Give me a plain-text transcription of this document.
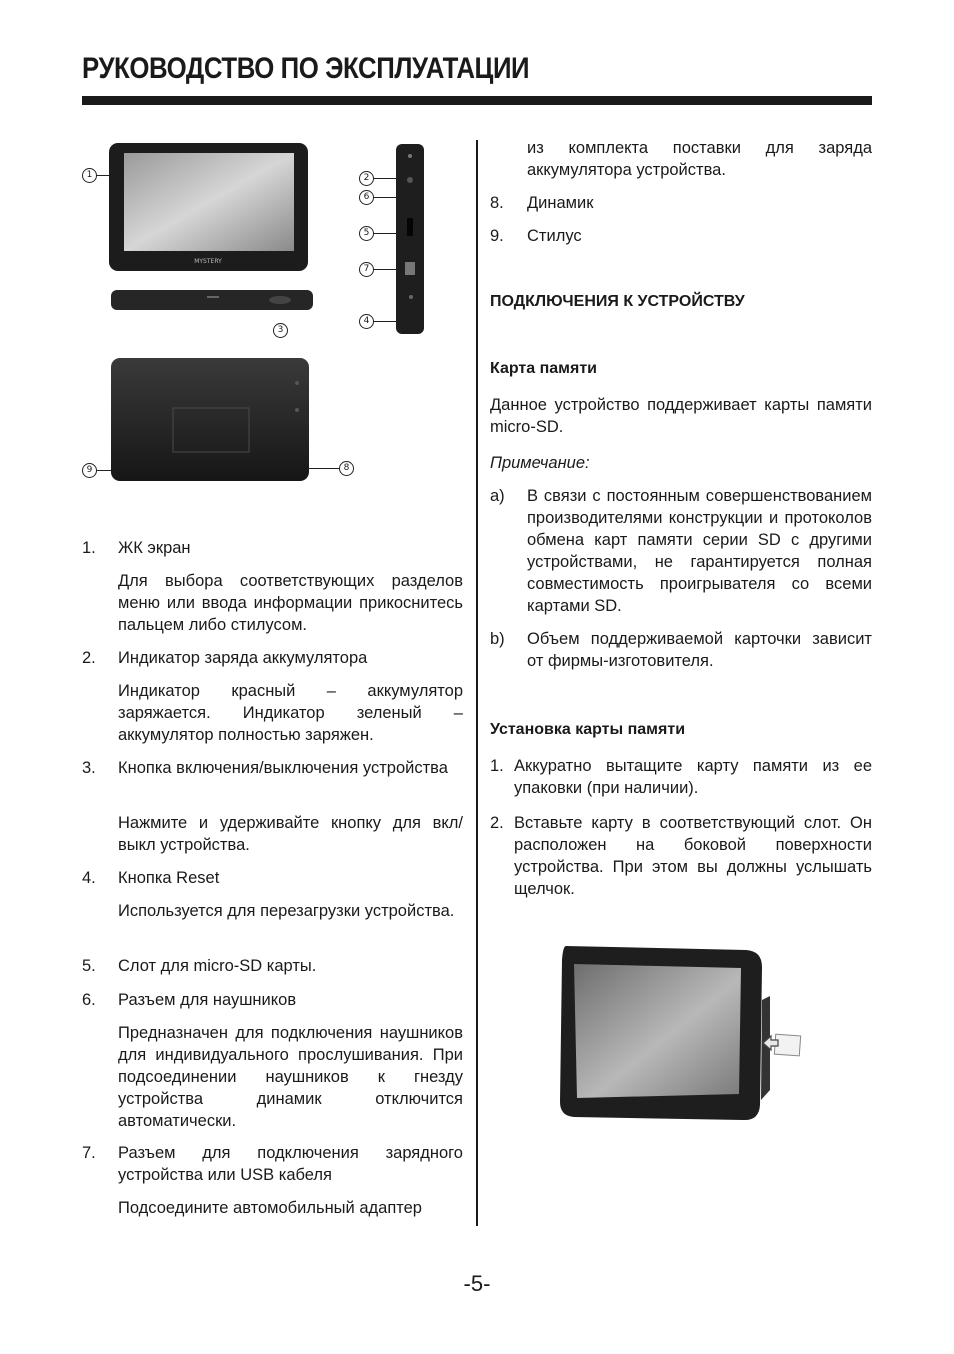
РУКОВОДСТВО ПО ЭКСПЛУАТАЦИИ
MYSTERY
1	2
3
4
5
6
7
8
9
1. ЖК экран
Для выбора соответствующих разделов меню или ввода информации прикоснитесь пальцем либо стилусом.
2. Индикатор заряда аккумулятора
Индикатор красный – аккумулятор заряжается. Индикатор зеленый – аккумулятор полностью заряжен.
3. Кнопка включения/выключения устройства
Нажмите и удерживайте кнопку для вкл/выкл устройства.
4. Кнопка Reset
Используется для перезагрузки устройства.
5. Слот для micro-SD карты.
6. Разъем для наушников
Предназначен для подключения наушников для индивидуального прослушивания. При подсоединении наушников к гнезду устройства динамик отключится автоматически.
7. Разъем для подключения зарядного устройства или USB кабеля
Подсоедините автомобильный адаптер
из комплекта поставки для заряда аккумулятора устройства.
8. Динамик
9. Стилус
ПОДКЛЮЧЕНИЯ К УСТРОЙСТВУ
Карта памяти
Данное устройство поддерживает карты памяти micro-SD.
Примечание:
a) В связи с постоянным совершенствованием производителями конструкции и протоколов обмена карт памяти серии SD с другими устройствами, не гарантируется полная совместимость проигрывателя со всеми картами SD.
b) Объем поддерживаемой карточки зависит от фирмы-изготовителя.
Установка карты памяти
1. Аккуратно вытащите карту памяти из ее упаковки (при наличии).
2. Вставьте карту в соответствующий слот. Он расположен на боковой поверхности устройства. При этом вы должны услышать щелчок.
-5-
